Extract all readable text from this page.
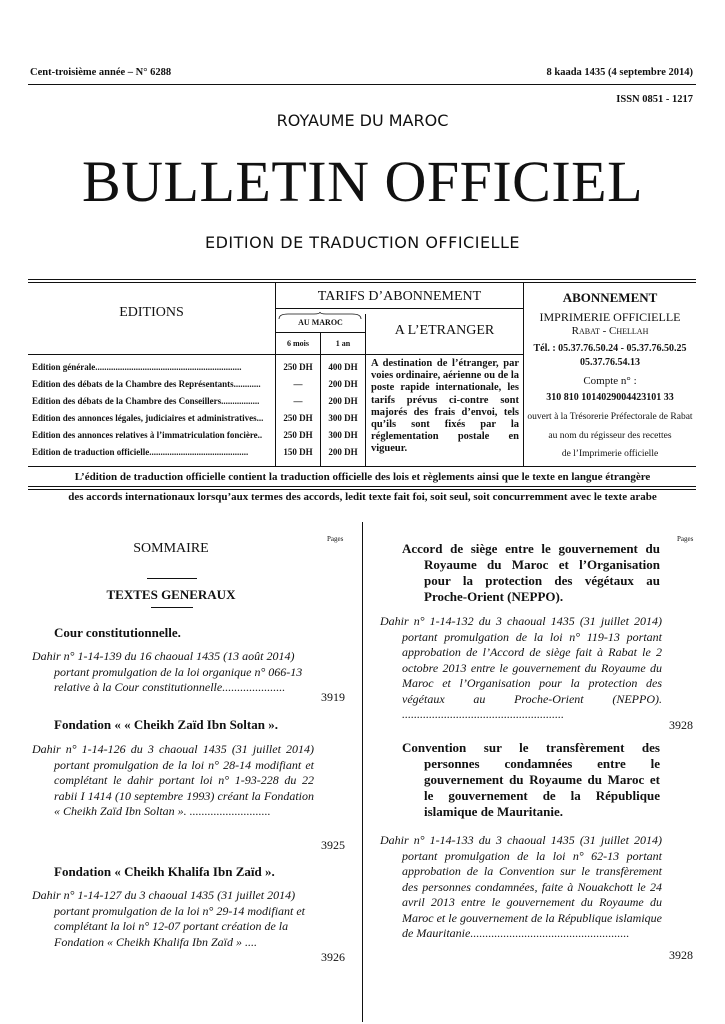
Cent-troisième année – N° 6288	8 kaada 1435 (4 septembre 2014)
ISSN 0851 - 1217
ROYAUME DU MAROC
BULLETIN OFFICIEL
EDITION DE TRADUCTION OFFICIELLE
EDITIONS
TARIFS D’ABONNEMENT
AU MAROC
6 mois	1 an
A L’ETRANGER
Edition générale.................................................................
Edition des débats de la Chambre des Représentants............
Edition des débats de la Chambre des Conseillers.................
Edition des annonces légales, judiciaires et administratives...
Edition des annonces relatives à l’immatriculation foncière..
Edition de traduction officielle............................................
250 DH
—
—
250 DH
250 DH
150 DH
400 DH
200 DH
200 DH
300 DH
300 DH
200 DH
A destination de l’étranger, par voies ordinaire, aérienne ou de la poste rapide internationale, les tarifs prévus ci-contre sont majorés des frais d’envoi, tels qu’ils sont fixés par la réglementation postale en vigueur.
ABONNEMENT
IMPRIMERIE OFFICIELLE
Rabat - Chellah
Tél. : 05.37.76.50.24 - 05.37.76.50.25
05.37.76.54.13
Compte n° :
310 810 1014029004423101 33
ouvert à la Trésorerie Préfectorale de Rabat
au nom du régisseur des recettes
de l’Imprimerie officielle
L’édition de traduction officielle contient la traduction officielle des lois et règlements ainsi que le texte en langue étrangère
des accords internationaux lorsqu’aux termes des accords, ledit texte fait foi, soit seul, soit concurremment avec le texte arabe
Pages
SOMMAIRE
TEXTES GENERAUX
Cour constitutionnelle.
Dahir n° 1-14-139 du 16 chaoual 1435 (13 août 2014) portant promulgation de la loi organique n° 066-13 relative à la Cour constitutionnelle.....................
3919
Fondation « « Cheikh Zaïd Ibn Soltan ».
Dahir n° 1-14-126 du 3 chaoual 1435 (31 juillet 2014) portant promulgation de la loi n° 28-14 modifiant et complétant le dahir portant loi n° 1-93-228 du 22 rabii I 1414 (10 septembre 1993) créant la Fondation « Cheikh Zaïd Ibn Soltan ». ...........................
3925
Fondation « Cheikh Khalifa Ibn Zaïd ».
Dahir n° 1-14-127 du 3 chaoual 1435 (31 juillet 2014) portant promulgation de la loi n° 29-14 modifiant et complétant la loi n° 12-07 portant création de la Fondation « Cheikh Khalifa Ibn Zaïd » ....
3926
Pages
Accord de siège entre le gouvernement du Royaume du Maroc et l’Organisation pour la protection des végétaux au Proche-Orient (NEPPO).
Dahir n° 1-14-132 du 3 chaoual 1435 (31 juillet 2014) portant promulgation de la loi n° 119-13 portant approbation de l’Accord de siège fait à Rabat le 2 octobre 2013 entre le gouvernement du Royaume du Maroc et l’Organisation pour la protection des végétaux au Proche-Orient (NEPPO). ......................................................
3928
Convention sur le transfèrement des personnes condamnées entre le gouvernement du Royaume du Maroc et le gouvernement de la République islamique de Mauritanie.
Dahir n° 1-14-133 du 3 chaoual 1435 (31 juillet 2014) portant promulgation de la loi n° 62-13 portant approbation de la Convention sur le transfèrement des personnes condamnées, faite à Nouakchott le 24 avril 2013 entre le gouvernement du Royaume du Maroc et le gouvernement de la République islamique de Mauritanie.....................................................
3928
